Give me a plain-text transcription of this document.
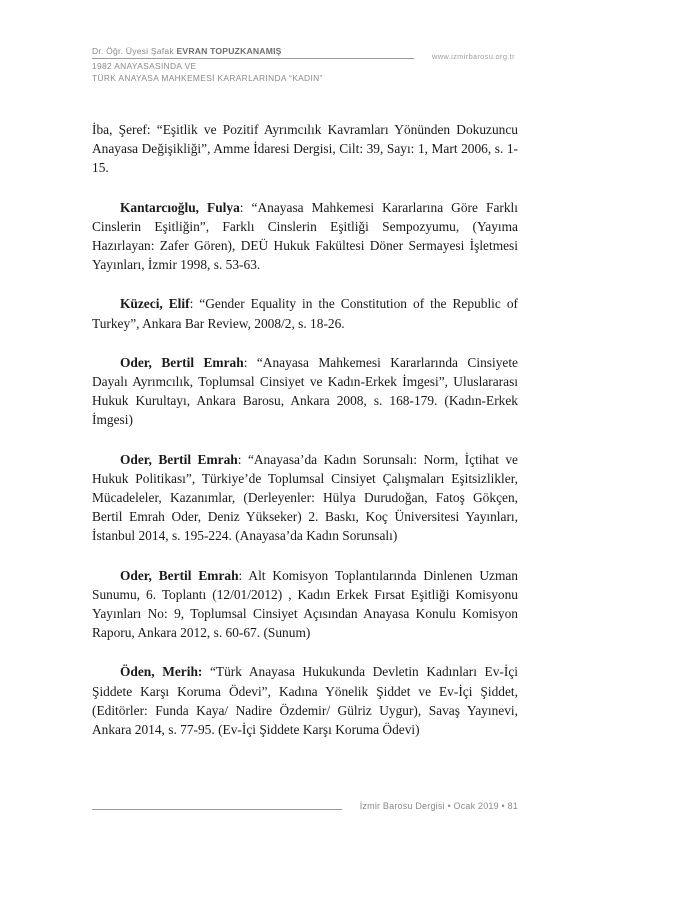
Dr. Öğr. Üyesi Şafak EVRAN TOPUZKANAMIŞ
www.izmirbarosu.org.tr
1982 ANAYASASINDA VE
TÜRK ANAYASA MAHKEMESİ KARARLARINDA “KADIN”

İba, Şeref: “Eşitlik ve Pozitif Ayrımcılık Kavramları Yönünden Dokuzuncu Anayasa Değişikliği”, Amme İdaresi Dergisi, Cilt: 39, Sayı: 1, Mart 2006, s. 1-15.

Kantarcıoğlu, Fulya: “Anayasa Mahkemesi Kararlarına Göre Farklı Cinslerin Eşitliğin”, Farklı Cinslerin Eşitliği Sempozyumu, (Yayıma Hazırlayan: Zafer Gören), DEÜ Hukuk Fakültesi Döner Sermayesi İşletmesi Yayınları, İzmir 1998, s. 53-63.

Küzeci, Elif: “Gender Equality in the Constitution of the Republic of Turkey”, Ankara Bar Review, 2008/2, s. 18-26.

Oder, Bertil Emrah: “Anayasa Mahkemesi Kararlarında Cinsiyete Dayalı Ayrımcılık, Toplumsal Cinsiyet ve Kadın-Erkek İmgesi”, Uluslararası Hukuk Kurultayı, Ankara Barosu, Ankara 2008, s. 168-179. (Kadın-Erkek İmgesi)

Oder, Bertil Emrah: “Anayasa’da Kadın Sorunsalı: Norm, İçtihat ve Hukuk Politikası”, Türkiye’de Toplumsal Cinsiyet Çalışmaları Eşitsizlikler, Mücadeleler, Kazanımlar, (Derleyenler: Hülya Durudoğan, Fatoş Gökçen, Bertil Emrah Oder, Deniz Yükseker) 2. Baskı, Koç Üniversitesi Yayınları, İstanbul 2014, s. 195-224. (Anayasa’da Kadın Sorunsalı)

Oder, Bertil Emrah: Alt Komisyon Toplantılarında Dinlenen Uzman Sunumu, 6. Toplantı (12/01/2012) , Kadın Erkek Fırsat Eşitliği Komisyonu Yayınları No: 9, Toplumsal Cinsiyet Açısından Anayasa Konulu Komisyon Raporu, Ankara 2012, s. 60-67. (Sunum)

Öden, Merih: “Türk Anayasa Hukukunda Devletin Kadınları Ev-İçi Şiddete Karşı Koruma Ödevi”, Kadına Yönelik Şiddet ve Ev-İçi Şiddet, (Editörler: Funda Kaya/ Nadire Özdemir/ Gülriz Uygur), Savaş Yayınevi, Ankara 2014, s. 77-95. (Ev-İçi Şiddete Karşı Koruma Ödevi)

İzmir Barosu Dergisi • Ocak 2019 • 81
